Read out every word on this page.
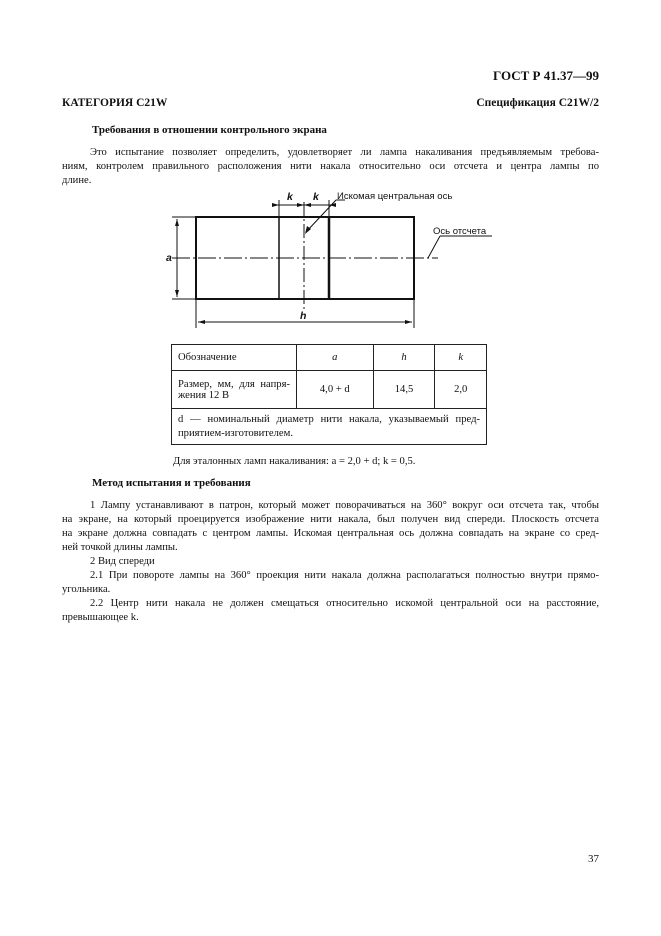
ГОСТ Р 41.37—99
КАТЕГОРИЯ C21W	Спецификация C21W/2
Требования в отношении контрольного экрана

Это испытание позволяет определить, удовлетворяет ли лампа накаливания предъявляемым требова-

ниям, контролем правильного расположения нити накала относительно оси отсчета и центра лампы по

длине.

k k
a
h
Искомая центральная ось
Ось отсчета
Обозначение	a	h	k

Размер, мм, для напря-
жения 12 В	4,0 + d	14,5	2,0
d — номинальный диаметр нити накала, указываемый пред-приятием-изготовителем.			
Для эталонных ламп накаливания: a = 2,0 + d; k = 0,5.
Метод испытания и требования

1 Лампу устанавливают в патрон, который может поворачиваться на 360° вокруг оси отсчета так, чтобы

на экране, на который проецируется изображение нити накала, был получен вид спереди. Плоскость отсчета

на экране должна совпадать с центром лампы. Искомая центральная ось должна совпадать на экране со сред-

ней точкой длины лампы.

2 Вид спереди

2.1 При повороте лампы на 360° проекция нити накала должна располагаться полностью внутри прямо-

угольника.

2.2 Центр нити накала не должен смещаться относительно искомой центральной оси на расстояние,

превышающее k.

37
